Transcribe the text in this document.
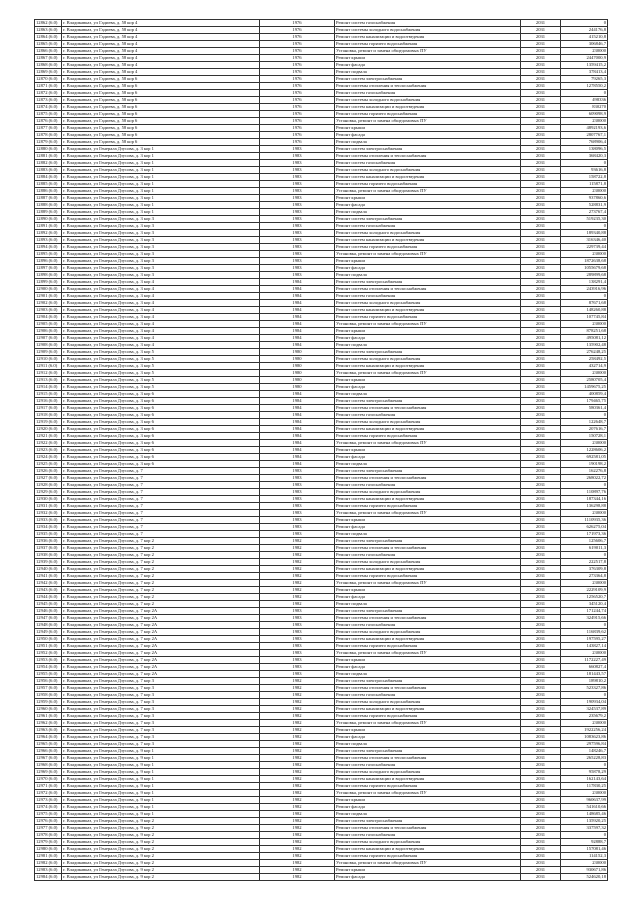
12862 (6.0)	г. Владикавказ, ул Гадиева, д. 58 кор 4	1976	Ремонт систем газоснабжения	2031	0
12863 (6.0)	г. Владикавказ, ул Гадиева, д. 58 кор 4	1976	Ремонт системы холодного водоснабжения	2031	244176,8
12864 (6.0)	г. Владикавказ, ул Гадиева, д. 58 кор 4	1976	Ремонт систем канализации и водоотведения	2031	415210,8
12865 (6.0)	г. Владикавказ, ул Гадиева, д. 58 кор 4	1976	Ремонт системы горячего водоснабжения	2031	306846,7
12866 (6.0)	г. Владикавказ, ул Гадиева, д. 58 кор 4	1976	Установка, ремонт и замена общедомовых ПУ	2031	230000
12867 (6.0)	г. Владикавказ, ул Гадиева, д. 58 кор 4	1976	Ремонт крыши	2031	2447000,9
12868 (6.0)	г. Владикавказ, ул Гадиева, д. 58 кор 4	1976	Ремонт фасада	2031	1359415,2
12869 (6.0)	г. Владикавказ, ул Гадиева, д. 58 кор 4	1976	Ремонт подвала	2031	378413,4
12870 (6.0)	г. Владикавказ, ул Гадиева, д. 58 кор 6	1976	Ремонт систем электроснабжения	2031	79265,3
12871 (6.0)	г. Владикавказ, ул Гадиева, д. 58 кор 6	1976	Ремонт системы отопления и теплоснабжения	2031	1278550,2
12872 (6.0)	г. Владикавказ, ул Гадиева, д. 58 кор 6	1976	Ремонт систем газоснабжения	2031	0
12873 (6.0)	г. Владикавказ, ул Гадиева, д. 58 кор 6	1976	Ремонт системы холодного водоснабжения	2031	498336
12874 (6.0)	г. Владикавказ, ул Гадиева, д. 58 кор 6	1976	Ремонт систем канализации и водоотведения	2031	830270
12875 (6.0)	г. Владикавказ, ул Гадиева, д. 58 кор 6	1976	Ремонт системы горячего водоснабжения	2031	609098,9
12876 (6.0)	г. Владикавказ, ул Гадиева, д. 58 кор 6	1976	Установка, ремонт и замена общедомовых ПУ	2031	230000
12877 (6.0)	г. Владикавказ, ул Гадиева, д. 58 кор 6	1976	Ремонт крыши	2031	4892193,6
12878 (6.0)	г. Владикавказ, ул Гадиева, д. 58 кор 6	1976	Ремонт фасада	2031	2807767,1
12879 (6.0)	г. Владикавказ, ул Гадиева, д. 58 кор 6	1976	Ремонт подвала	2031	768906,4
12880 (6.0)	г. Владикавказ, ул Генерала Дзусова, д. 3 кор 1	1983	Ремонт систем электроснабжения	2031	138096,5
12881 (6.0)	г. Владикавказ, ул Генерала Дзусова, д. 3 кор 1	1983	Ремонт системы отопления и теплоснабжения	2031	368420,3
12882 (6.0)	г. Владикавказ, ул Генерала Дзусова, д. 3 кор 1	1983	Ремонт систем газоснабжения	2031	0
12883 (6.0)	г. Владикавказ, ул Генерала Дзусова, д. 3 кор 1	1983	Ремонт системы холодного водоснабжения	2031	93616,8
12884 (6.0)	г. Владикавказ, ул Генерала Дзусова, д. 3 кор 1	1983	Ремонт систем канализации и водоотведения	2031	158722,8
12885 (6.0)	г. Владикавказ, ул Генерала Дзусова, д. 3 кор 1	1983	Ремонт системы горячего водоснабжения	2031	115871,8
12886 (6.0)	г. Владикавказ, ул Генерала Дзусова, д. 3 кор 1	1983	Установка, ремонт и замена общедомовых ПУ	2031	230000
12887 (6.0)	г. Владикавказ, ул Генерала Дзусова, д. 3 кор 1	1983	Ремонт крыши	2031	937860,6
12888 (6.0)	г. Владикавказ, ул Генерала Дзусова, д. 3 кор 1	1983	Ремонт фасада	2031	528831,9
12889 (6.0)	г. Владикавказ, ул Генерала Дзусова, д. 3 кор 1	1983	Ремонт подвала	2031	273767,4
12890 (6.0)	г. Владикавказ, ул Генерала Дзусова, д. 3 кор 3	1983	Ремонт систем электроснабжения	2031	519235,30
12891 (6.0)	г. Владикавказ, ул Генерала Дзусова, д. 3 кор 3	1983	Ремонт систем газоснабжения	2031	0
12892 (6.0)	г. Владикавказ, ул Генерала Дзусова, д. 3 кор 3	1983	Ремонт системы холодного водоснабжения	2031	189340,88
12893 (6.0)	г. Владикавказ, ул Генерала Дзусова, д. 3 кор 3	1983	Ремонт систем канализации и водоотведения	2031	316346,40
12894 (6.0)	г. Владикавказ, ул Генерала Дзусова, д. 3 кор 3	1983	Ремонт системы горячего водоснабжения	2031	229739,44
12895 (6.0)	г. Владикавказ, ул Генерала Дзусова, д. 3 кор 3	1983	Установка, ремонт и замена общедомовых ПУ	2031	230000
12896 (6.0)	г. Владикавказ, ул Генерала Дзусова, д. 3 кор 3	1983	Ремонт крыши	2031	1872638,68
12897 (6.0)	г. Владикавказ, ул Генерала Дзусова, д. 3 кор 3	1983	Ремонт фасада	2031	1055679,68
12898 (6.0)	г. Владикавказ, ул Генерала Дзусова, д. 3 кор 3	1983	Ремонт подвала	2031	289899,68
12899 (6.0)	г. Владикавказ, ул Генерала Дзусова, д. 3 кор 4	1984	Ремонт систем электроснабжения	2031	138291,4
12900 (6.0)	г. Владикавказ, ул Генерала Дзусова, д. 3 кор 4	1984	Ремонт системы отопления и теплоснабжения	2031	243916,96
12901 (6.0)	г. Владикавказ, ул Генерала Дзусова, д. 3 кор 4	1984	Ремонт систем газоснабжения	2031	0
12902 (6.0)	г. Владикавказ, ул Генерала Дзусова, д. 3 кор 4	1984	Ремонт системы холодного водоснабжения	2031	87671,68
12903 (6.0)	г. Владикавказ, ул Генерала Дзусова, д. 3 кор 4	1984	Ремонт систем канализации и водоотведения	2031	148260,88
12904 (6.0)	г. Владикавказ, ул Генерала Дзусова, д. 3 кор 4	1984	Ремонт системы горячего водоснабжения	2031	107745,84
12905 (6.0)	г. Владикавказ, ул Генерала Дзусова, д. 3 кор 4	1984	Установка, ремонт и замена общедомовых ПУ	2031	230000
12906 (6.0)	г. Владикавказ, ул Генерала Дзусова, д. 3 кор 4	1984	Ремонт крыши	2031	878251,68
12907 (6.0)	г. Владикавказ, ул Генерала Дзусова, д. 3 кор 4	1984	Ремонт фасада	2031	495081,12
12908 (6.0)	г. Владикавказ, ул Генерала Дзусова, д. 3 кор 4	1984	Ремонт подвала	2031	135902,48
12909 (6.0)	г. Владикавказ, ул Генерала Дзусова, д. 3 кор 5	1980	Ремонт систем электроснабжения	2031	276248,25
12910 (6.0)	г. Владикавказ, ул Генерала Дзусова, д. 3 кор 5	1980	Ремонт системы холодного водоснабжения	2031	258492,5
12911 (6.0)	г. Владикавказ, ул Генерала Дзусова, д. 3 кор 5	1980	Ремонт систем канализации и водоотведения	2031	432714,9
12912 (6.0)	г. Владикавказ, ул Генерала Дзусова, д. 3 кор 5	1980	Установка, ремонт и замена общедомовых ПУ	2031	230000
12913 (6.0)	г. Владикавказ, ул Генерала Дзусова, д. 3 кор 5	1980	Ремонт крыши	2031	2580705,4
12914 (6.0)	г. Владикавказ, ул Генерала Дзусова, д. 3 кор 5	1980	Ремонт фасада	2031	1459675,25
12915 (6.0)	г. Владикавказ, ул Генерала Дзусова, д. 3 кор 6	1984	Ремонт подвала	2031	400859,4
12916 (6.0)	г. Владикавказ, ул Генерала Дзусова, д. 3 кор 6	1984	Ремонт систем электроснабжения	2031	179465,75
12917 (6.0)	г. Владикавказ, ул Генерала Дзусова, д. 3 кор 6	1984	Ремонт системы отопления и теплоснабжения	2031	580361,4
12918 (6.0)	г. Владикавказ, ул Генерала Дзусова, д. 3 кор 6	1984	Ремонт систем газоснабжения	2031	0
12919 (6.0)	г. Владикавказ, ул Генерала Дзусова, д. 3 кор 6	1984	Ремонт системы холодного водоснабжения	2031	122648,7
12920 (6.0)	г. Владикавказ, ул Генерала Дзусова, д. 3 кор 6	1984	Ремонт систем канализации и водоотведения	2031	207616,7
12921 (6.0)	г. Владикавказ, ул Генерала Дзусова, д. 3 кор 6	1984	Ремонт системы горячего водоснабжения	2031	150728,1
12922 (6.0)	г. Владикавказ, ул Генерала Дзусова, д. 3 кор 6	1984	Установка, ремонт и замена общедомовых ПУ	2031	230000
12923 (6.0)	г. Владикавказ, ул Генерала Дзусова, д. 3 кор 6	1984	Ремонт крыши	2031	1228606,2
12924 (6.0)	г. Владикавказ, ул Генерала Дзусова, д. 3 кор 6	1984	Ремонт фасада	2031	692581,05
12925 (6.0)	г. Владикавказ, ул Генерала Дзусова, д. 3 кор 6	1984	Ремонт подвала	2031	190198,2
12926 (6.0)	г. Владикавказ, ул Генерала Дзусова, д. 7	1983	Ремонт систем электроснабжения	2031	162276,8
12927 (6.0)	г. Владикавказ, ул Генерала Дзусова, д. 7	1983	Ремонт системы отопления и теплоснабжения	2031	268022,72
12928 (6.0)	г. Владикавказ, ул Генерала Дзусова, д. 7	1983	Ремонт систем газоснабжения	2031	0
12929 (6.0)	г. Владикавказ, ул Генерала Дзусова, д. 7	1983	Ремонт системы холодного водоснабжения	2031	110897,76
12930 (6.0)	г. Владикавказ, ул Генерала Дзусова, д. 7	1983	Ремонт систем канализации и водоотведения	2031	187344,16
12931 (6.0)	г. Владикавказ, ул Генерала Дзусова, д. 7	1983	Ремонт системы горячего водоснабжения	2031	136298,88
12932 (6.0)	г. Владикавказ, ул Генерала Дзусова, д. 7	1983	Установка, ремонт и замена общедомовых ПУ	2031	230000
12933 (6.0)	г. Владикавказ, ул Генерала Дзусова, д. 7	1983	Ремонт крыши	2031	1110935,36
12934 (6.0)	г. Владикавказ, ул Генерала Дзусова, д. 7	1983	Ремонт фасада	2031	626275,04
12935 (6.0)	г. Владикавказ, ул Генерала Дзусова, д. 7	1983	Ремонт подвала	2031	171973,36
12936 (6.0)	г. Владикавказ, ул Генерала Дзусова, д. 7 кор 2	1982	Ремонт систем электроснабжения	2031	125606,7
12937 (6.0)	г. Владикавказ, ул Генерала Дзусова, д. 7 кор 2	1982	Ремонт системы отопления и теплоснабжения	2031	619011,3
12938 (6.0)	г. Владикавказ, ул Генерала Дзусова, д. 7 кор 2	1982	Ремонт систем газоснабжения	2031	0
12939 (6.0)	г. Владикавказ, ул Генерала Дзусова, д. 7 кор 2	1982	Ремонт системы холодного водоснабжения	2031	222517,8
12940 (6.0)	г. Владикавказ, ул Генерала Дзусова, д. 7 кор 2	1982	Ремонт систем канализации и водоотведения	2031	376309,8
12941 (6.0)	г. Владикавказ, ул Генерала Дзусова, д. 7 кор 2	1982	Ремонт системы горячего водоснабжения	2031	273364,8
12942 (6.0)	г. Владикавказ, ул Генерала Дзусова, д. 7 кор 2	1982	Установка, ремонт и замена общедомовых ПУ	2031	230000
12943 (6.0)	г. Владикавказ, ул Генерала Дзусова, д. 7 кор 2	1982	Ремонт крыши	2031	2229109,9
12944 (6.0)	г. Владикавказ, ул Генерала Дзусова, д. 7 кор 2	1982	Ремонт фасада	2031	1256520,7
12945 (6.0)	г. Владикавказ, ул Генерала Дзусова, д. 7 кор 2	1982	Ремонт подвала	2031	345120,4
12946 (6.0)	г. Владикавказ, ул Генерала Дзусова, д. 7 кор 2А	1983	Ремонт систем электроснабжения	2031	171244,74
12947 (6.0)	г. Владикавказ, ул Генерала Дзусова, д. 7 кор 2А	1983	Ремонт системы отопления и теплоснабжения	2031	324915,66
12948 (6.0)	г. Владикавказ, ул Генерала Дзусова, д. 7 кор 2А	1983	Ремонт систем газоснабжения	2031	0
12949 (6.0)	г. Владикавказ, ул Генерала Дзусова, д. 7 кор 2А	1983	Ремонт системы холодного водоснабжения	2031	116839,62
12950 (6.0)	г. Владикавказ, ул Генерала Дзусова, д. 7 кор 2А	1983	Ремонт систем канализации и водоотведения	2031	197595,27
12951 (6.0)	г. Владикавказ, ул Генерала Дзусова, д. 7 кор 2А	1983	Ремонт системы горячего водоснабжения	2031	143827,14
12952 (6.0)	г. Владикавказ, ул Генерала Дзусова, д. 7 кор 2А	1983	Установка, ремонт и замена общедомовых ПУ	2031	230000
12953 (6.0)	г. Владикавказ, ул Генерала Дзусова, д. 7 кор 2А	1983	Ремонт крыши	2031	1172227,49
12954 (6.0)	г. Владикавказ, ул Генерала Дзусова, д. 7 кор 2А	1983	Ремонт фасада	2031	660827,4
12955 (6.0)	г. Владикавказ, ул Генерала Дзусова, д. 7 кор 2А	1983	Ремонт подвала	2031	181443,57
12956 (6.0)	г. Владикавказ, ул Генерала Дзусова, д. 7 кор 3	1982	Ремонт систем электроснабжения	2031	189810,2
12957 (6.0)	г. Владикавказ, ул Генерала Дзусова, д. 7 кор 3	1982	Ремонт системы отопления и теплоснабжения	2031	523327,86
12958 (6.0)	г. Владикавказ, ул Генерала Дзусова, д. 7 кор 3	1982	Ремонт систем газоснабжения	2031	0
12959 (6.0)	г. Владикавказ, ул Генерала Дзусова, д. 7 кор 3	1982	Ремонт системы холодного водоснабжения	2031	190934,04
12960 (6.0)	г. Владикавказ, ул Генерала Дзусова, д. 7 кор 3	1982	Ремонт систем канализации и водоотведения	2031	324537,89
12961 (6.0)	г. Владикавказ, ул Генерала Дзусова, д. 7 кор 3	1982	Ремонт системы горячего водоснабжения	2031	235679,2
12962 (6.0)	г. Владикавказ, ул Генерала Дзусова, д. 7 кор 3	1982	Установка, ремонт и замена общедомовых ПУ	2031	230000
12963 (6.0)	г. Владикавказ, ул Генерала Дзусова, д. 7 кор 3	1982	Ремонт крыши	2031	1922256,24
12964 (6.0)	г. Владикавказ, ул Генерала Дзусова, д. 7 кор 3	1982	Ремонт фасада	2031	1083623,86
12965 (6.0)	г. Владикавказ, ул Генерала Дзусова, д. 7 кор 3	1982	Ремонт подвала	2031	297596,84
12966 (6.0)	г. Владикавказ, ул Генерала Дзусова, д. 9 кор 1	1982	Ремонт систем электроснабжения	2031	148246,7
12967 (6.0)	г. Владикавказ, ул Генерала Дзусова, д. 9 кор 1	1982	Ремонт системы отопления и теплоснабжения	2031	265228,83
12968 (6.0)	г. Владикавказ, ул Генерала Дзусова, д. 9 кор 1	1982	Ремонт систем газоснабжения	2031	0
12969 (6.0)	г. Владикавказ, ул Генерала Дзусова, д. 9 кор 1	1982	Ремонт системы холодного водоснабжения	2031	95878,29
12970 (6.0)	г. Владикавказ, ул Генерала Дзусова, д. 9 кор 1	1982	Ремонт систем канализации и водоотведения	2031	162143,64
12971 (6.0)	г. Владикавказ, ул Генерала Дзусова, д. 9 кор 1	1982	Ремонт системы горячего водоснабжения	2031	117830,25
12972 (6.0)	г. Владикавказ, ул Генерала Дзусова, д. 9 кор 1	1982	Установка, ремонт и замена общедомовых ПУ	2031	230000
12973 (6.0)	г. Владикавказ, ул Генерала Дзусова, д. 9 кор 1	1982	Ремонт крыши	2031	960637,99
12974 (6.0)	г. Владикавказ, ул Генерала Дзусова, д. 9 кор 1	1982	Ремонт фасада	2031	541610,66
12975 (6.0)	г. Владикавказ, ул Генерала Дзусова, д. 9 кор 1	1982	Ремонт подвала	2031	148685,46
12976 (6.0)	г. Владикавказ, ул Генерала Дзусова, д. 9 кор 2	1982	Ремонт систем электроснабжения	2031	135920,25
12977 (6.0)	г. Владикавказ, ул Генерала Дзусова, д. 9 кор 2	1982	Ремонт системы отопления и теплоснабжения	2031	337597,32
12978 (6.0)	г. Владикавказ, ул Генерала Дзусова, д. 9 кор 2	1982	Ремонт систем газоснабжения	2031	0
12979 (6.0)	г. Владикавказ, ул Генерала Дзусова, д. 9 кор 2	1982	Ремонт системы холодного водоснабжения	2031	92888,7
12980 (6.0)	г. Владикавказ, ул Генерала Дзусова, д. 9 кор 2	1982	Ремонт систем канализации и водоотведения	2031	157081,46
12981 (6.0)	г. Владикавказ, ул Генерала Дзусова, д. 9 кор 2	1982	Ремонт системы горячего водоснабжения	2031	114152,3
12982 (6.0)	г. Владикавказ, ул Генерала Дзусова, д. 9 кор 2	1982	Установка, ремонт и замена общедомовых ПУ	2031	230000
12983 (6.0)	г. Владикавказ, ул Генерала Дзусова, д. 9 кор 2	1982	Ремонт крыши	2031	930671,86
12984 (6.0)	г. Владикавказ, ул Генерала Дзусова, д. 9 кор 2	1982	Ремонт фасада	2031	524620,18
